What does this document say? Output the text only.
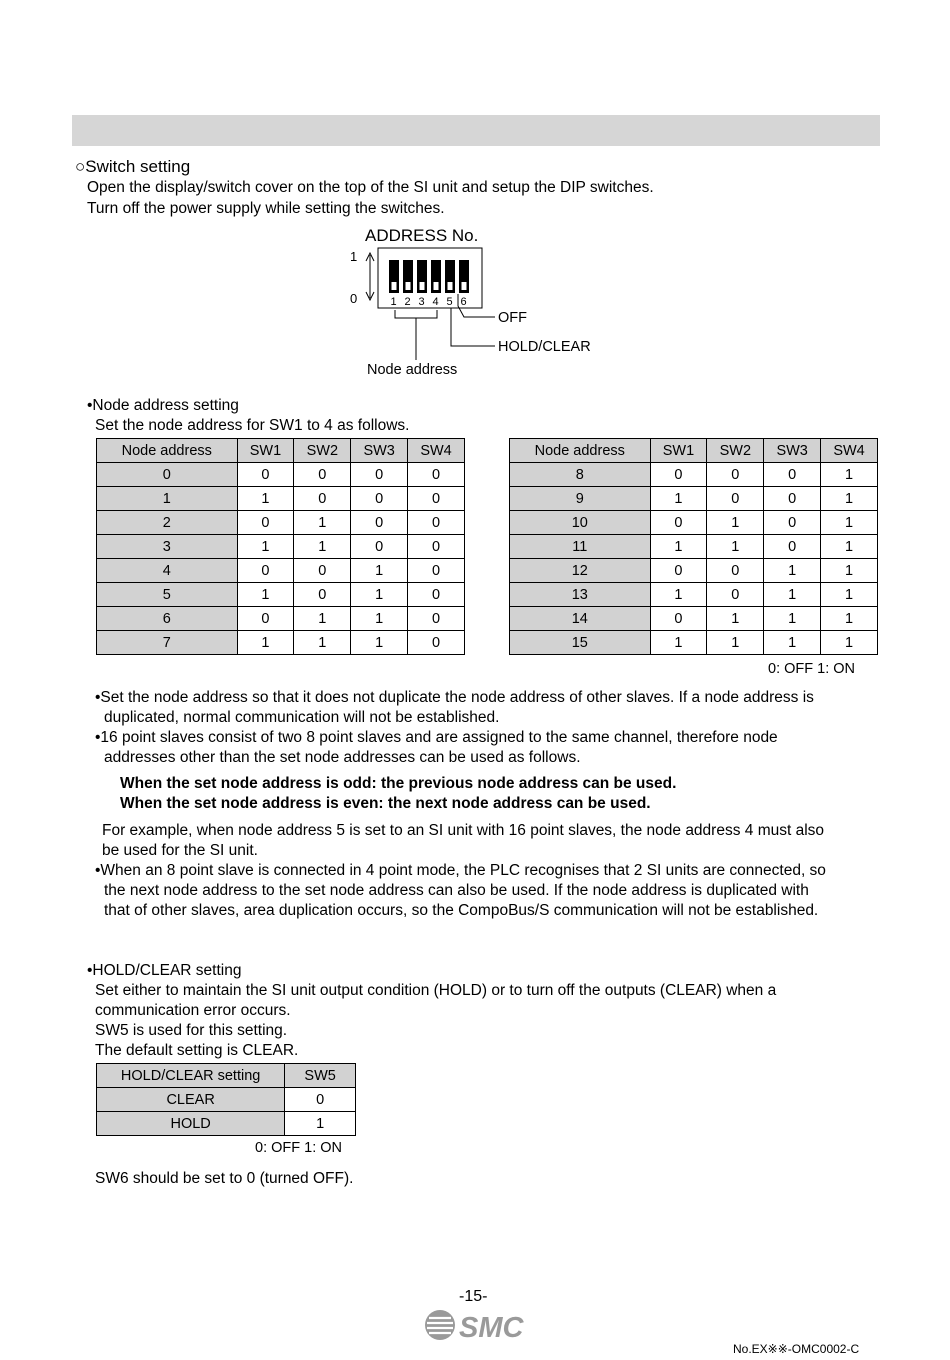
○Switch setting
Open the display/switch cover on the top of the SI unit and setup the DIP switches.
Turn off the power supply while setting the switches.
ADDRESS No.
1
0	1 2 3 4 5 6
OFF
HOLD/CLEAR
Node address
•Node address setting
Set the node address for SW1 to 4 as follows.
Node address	SW1	SW2	SW3	SW4
0	0	0	0	0
1	1	0	0	0
2	0	1	0	0
3	1	1	0	0
4	0	0	1	0
5	1	0	1	0
6	0	1	1	0
7	1	1	1	0
Node address	SW1	SW2	SW3	SW4
8	0	0	0	1
9	1	0	0	1
10	0	1	0	1
11	1	1	0	1
12	0	0	1	1
13	1	0	1	1
14	0	1	1	1
15	1	1	1	1
0: OFF 1: ON
•Set the node address so that it does not duplicate the node address of other slaves. If a node address is
duplicated, normal communication will not be established.
•16 point slaves consist of two 8 point slaves and are assigned to the same channel, therefore node
addresses other than the set node addresses can be used as follows.
When the set node address is odd: the previous node address can be used.
When the set node address is even: the next node address can be used.
For example, when node address 5 is set to an SI unit with 16 point slaves, the node address 4 must also
be used for the SI unit.
•When an 8 point slave is connected in 4 point mode, the PLC recognises that 2 SI units are connected, so
the next node address to the set node address can also be used. If the node address is duplicated with
that of other slaves, area duplication occurs, so the CompoBus/S communication will not be established.
•HOLD/CLEAR setting
Set either to maintain the SI unit output condition (HOLD) or to turn off the outputs (CLEAR) when a
communication error occurs.
SW5 is used for this setting.
The default setting is CLEAR.
HOLD/CLEAR setting	SW5
CLEAR	0
HOLD	1
0: OFF 1: ON
SW6 should be set to 0 (turned OFF).
-15-
SMC
No.EX※※-OMC0002-C
